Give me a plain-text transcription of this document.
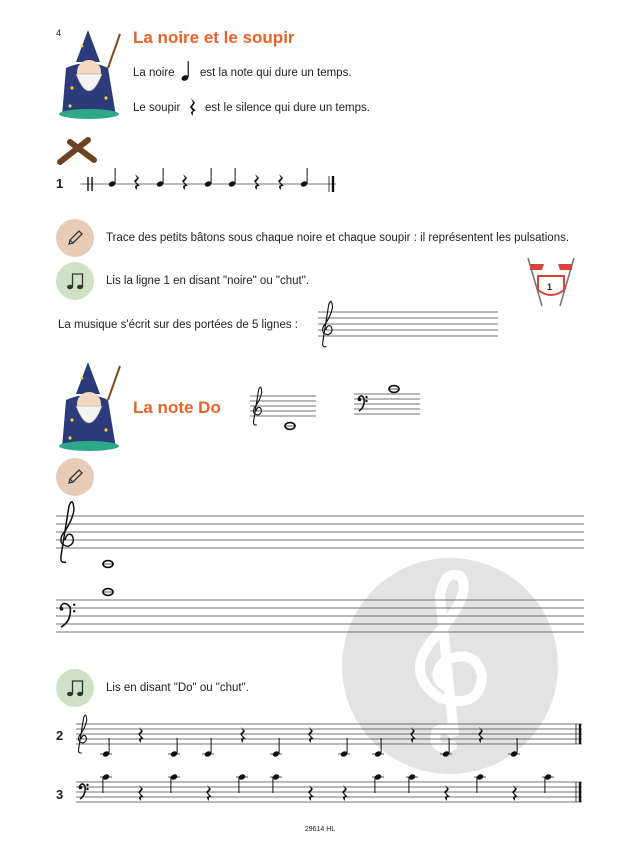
4	La noire et le soupir
La noire est la note qui dure un temps.
Le soupir est le silence qui dure un temps.
1
Trace des petits bâtons sous chaque noire et chaque soupir : il représentent les pulsations.
Lis la ligne 1 en disant "noire" ou "chut".	1
La musique s'écrit sur des portées de 5 lignes :
La note Do
Lis en disant "Do" ou "chut".
2
3
29614 HL
